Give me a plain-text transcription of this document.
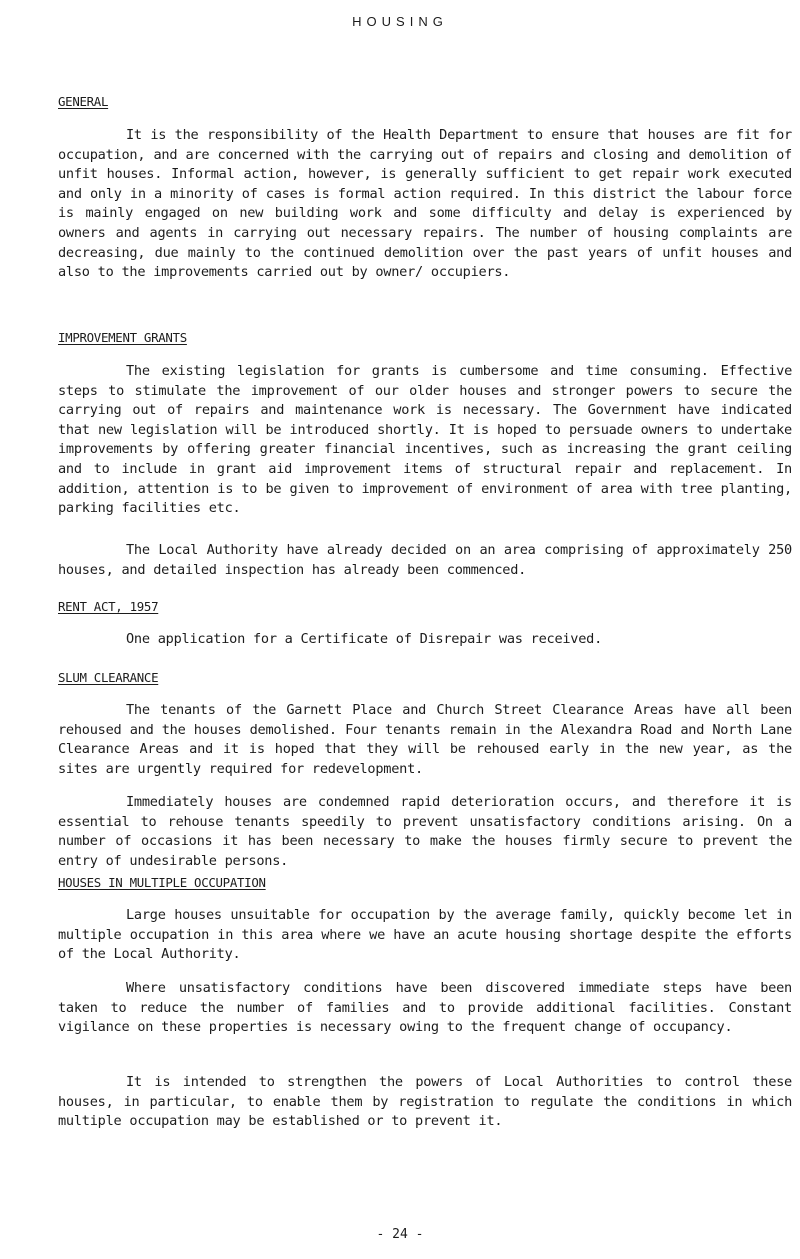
HOUSING
GENERAL

It is the responsibility of the Health Department to ensure that houses are fit for occupation, and are concerned with the carrying out of repairs and closing and demolition of unfit houses. Informal action, however, is generally sufficient to get repair work executed and only in a minority of cases is formal action required. In this district the labour force is mainly engaged on new building work and some difficulty and delay is experienced by owners and agents in carrying out necessary repairs. The number of housing complaints are decreasing, due mainly to the continued demolition over the past years of unfit houses and also to the improvements carried out by owner/ occupiers.

IMPROVEMENT GRANTS

The existing legislation for grants is cumbersome and time consuming. Effective steps to stimulate the improvement of our older houses and stronger powers to secure the carrying out of repairs and maintenance work is necessary. The Government have indicated that new legislation will be introduced shortly. It is hoped to persuade owners to undertake improvements by offering greater financial incentives, such as increasing the grant ceiling and to include in grant aid improvement items of structural repair and replacement. In addition, attention is to be given to improvement of environment of area with tree planting, parking facilities etc.

The Local Authority have already decided on an area comprising of approximately 250 houses, and detailed inspection has already been commenced.

RENT ACT, 1957

One application for a Certificate of Disrepair was received.

SLUM CLEARANCE

The tenants of the Garnett Place and Church Street Clearance Areas have all been rehoused and the houses demolished. Four tenants remain in the Alexandra Road and North Lane Clearance Areas and it is hoped that they will be rehoused early in the new year, as the sites are urgently required for redevelopment.

Immediately houses are condemned rapid deterioration occurs, and therefore it is essential to rehouse tenants speedily to prevent unsatisfactory conditions arising. On a number of occasions it has been necessary to make the houses firmly secure to prevent the entry of undesirable persons.

HOUSES IN MULTIPLE OCCUPATION

Large houses unsuitable for occupation by the average family, quickly become let in multiple occupation in this area where we have an acute housing shortage despite the efforts of the Local Authority.

Where unsatisfactory conditions have been discovered immediate steps have been taken to reduce the number of families and to provide additional facilities. Constant vigilance on these properties is necessary owing to the frequent change of occupancy.

It is intended to strengthen the powers of Local Authorities to control these houses, in particular, to enable them by registration to regulate the conditions in which multiple occupation may be established or to prevent it.

- 24 -
